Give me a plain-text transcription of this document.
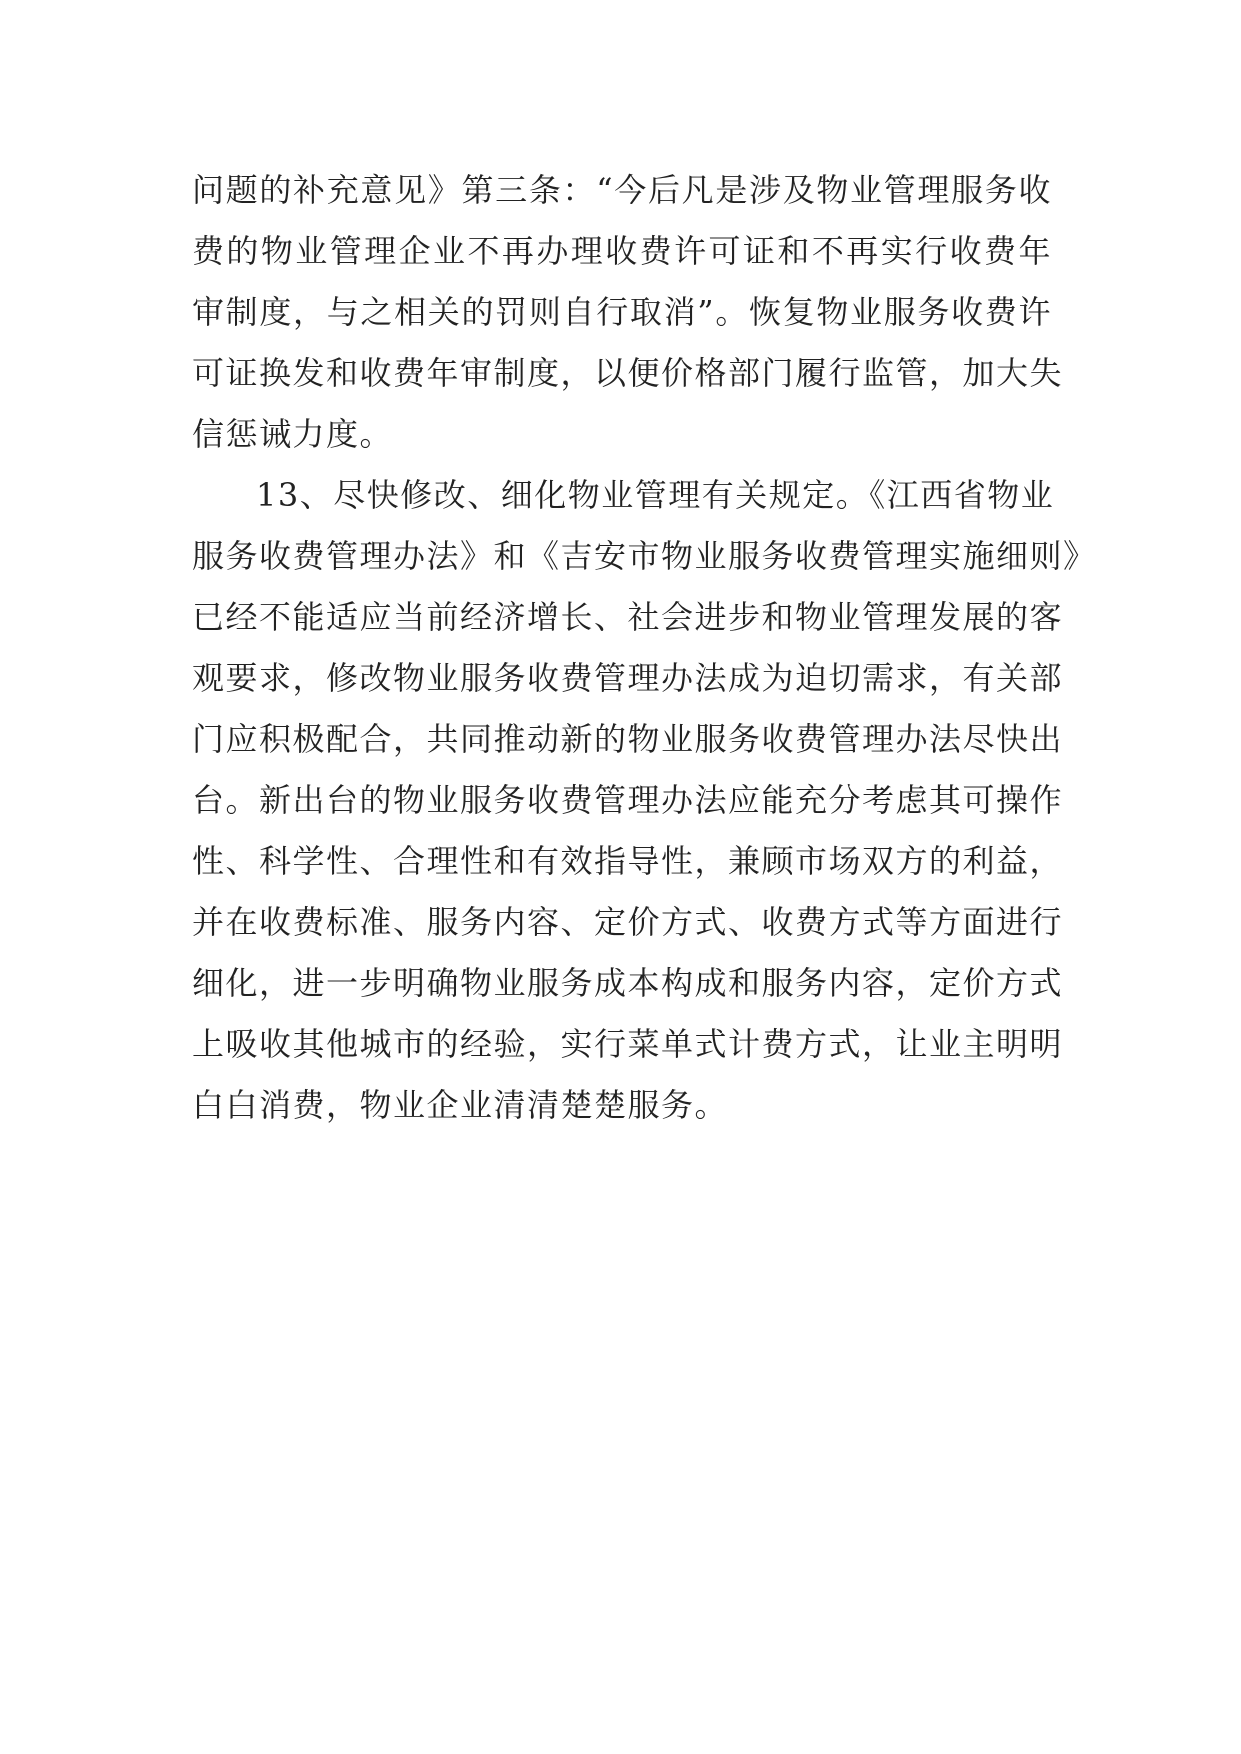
问题的补充意见》第三条：“今后凡是涉及物业管理服务收
费的物业管理企业不再办理收费许可证和不再实行收费年
审制度，与之相关的罚则自行取消”。恢复物业服务收费许
可证换发和收费年审制度，以便价格部门履行监管，加大失
信惩诫力度。
13、尽快修改、细化物业管理有关规定。《江西省物业
服务收费管理办法》和《吉安市物业服务收费管理实施细则》
已经不能适应当前经济增长、社会进步和物业管理发展的客
观要求，修改物业服务收费管理办法成为迫切需求，有关部
门应积极配合，共同推动新的物业服务收费管理办法尽快出
台。新出台的物业服务收费管理办法应能充分考虑其可操作
性、科学性、合理性和有效指导性，兼顾市场双方的利益，
并在收费标准、服务内容、定价方式、收费方式等方面进行
细化，进一步明确物业服务成本构成和服务内容，定价方式
上吸收其他城市的经验，实行菜单式计费方式，让业主明明
白白消费，物业企业清清楚楚服务。
